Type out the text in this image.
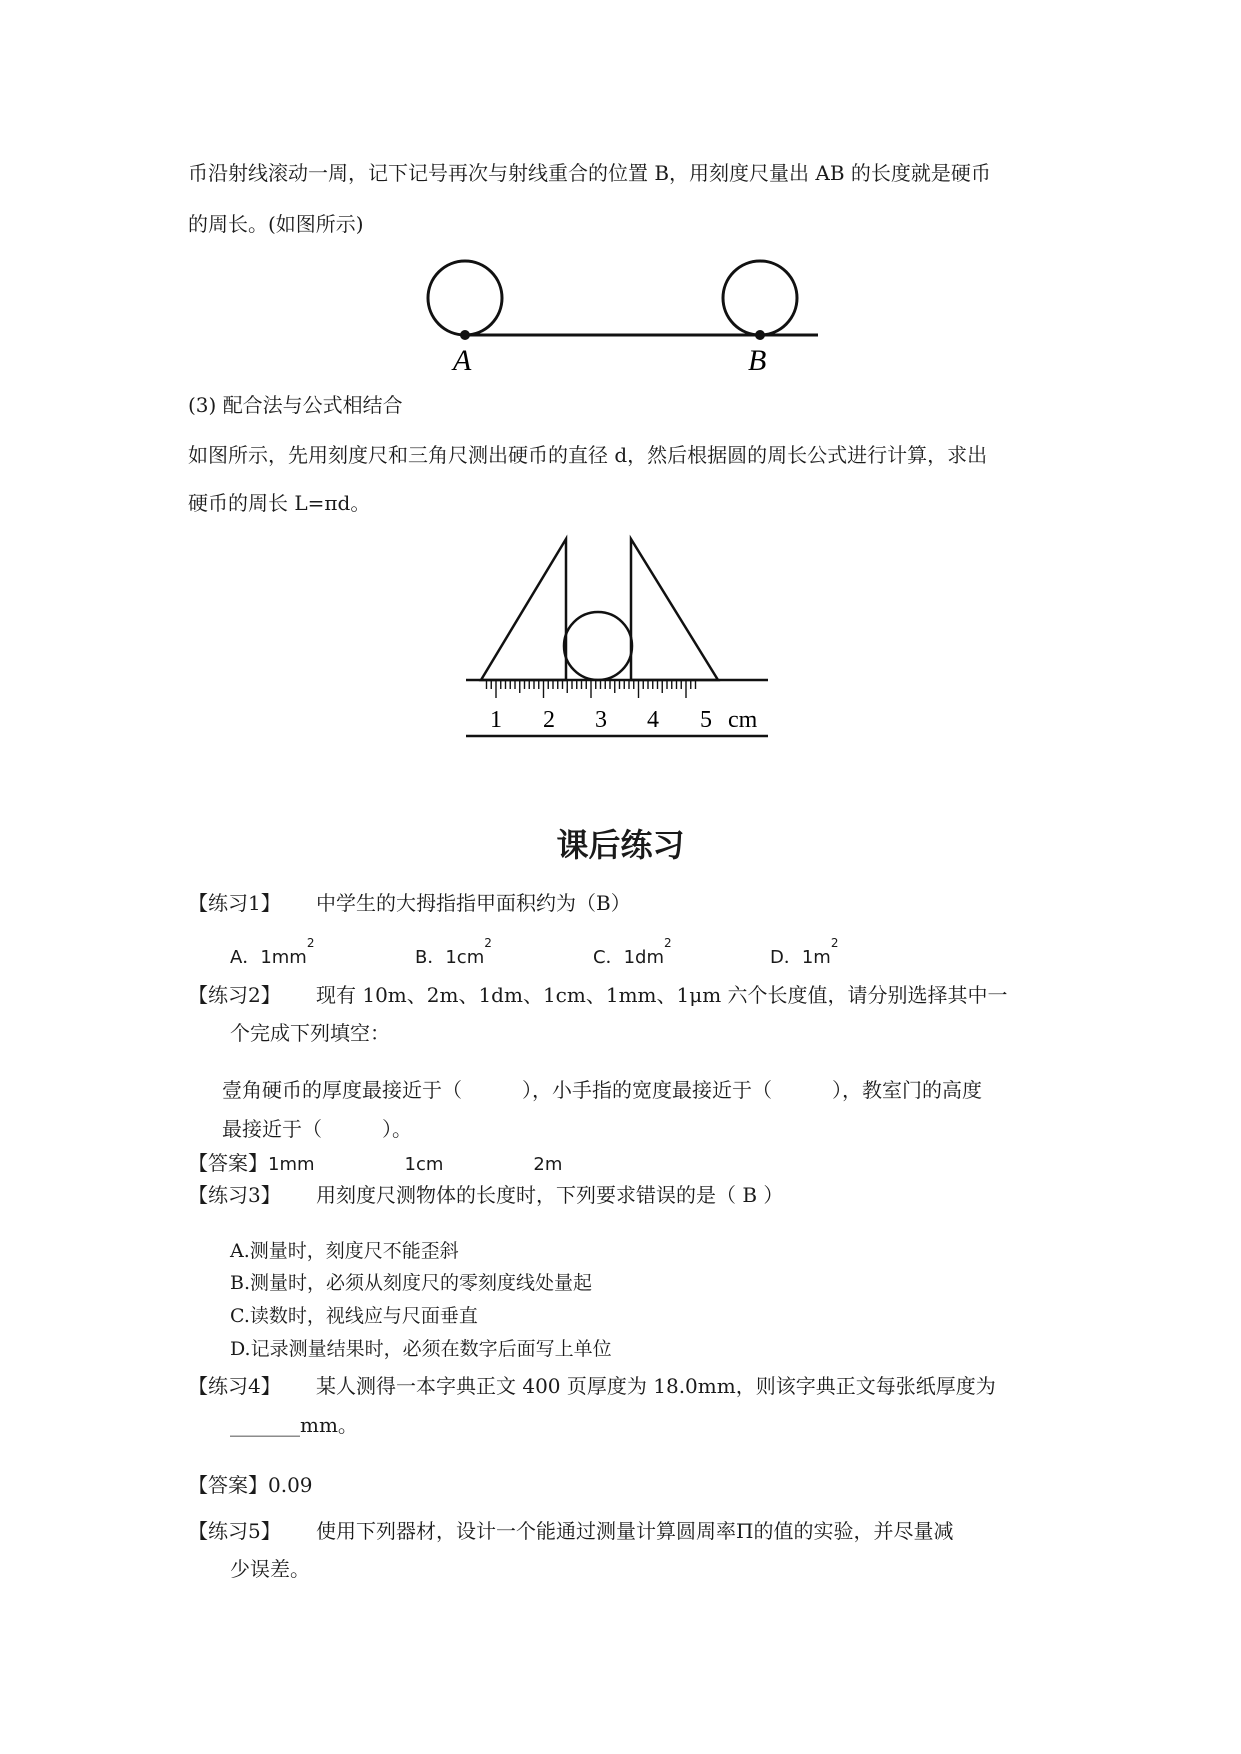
币沿射线滚动一周，记下记号再次与射线重合的位置 B，用刻度尺量出 AB 的长度就是硬币
的周长。(如图所示)
A	B
(3) 配合法与公式相结合
如图所示，先用刻度尺和三角尺测出硬币的直径 d，然后根据圆的周长公式进行计算，求出
硬币的周长 L=πd。
1 2 3 4 5 cm
课后练习
【练习1】 中学生的大拇指指甲面积约为（B）
A．$1mm^2$
B．$1cm^2$
C．$1dm^2$
D．$1m^2$
【练习2】 现有 10m、2m、1dm、1cm、1mm、1μm 六个长度值，请分别选择其中一
个完成下列填空：
壹角硬币的厚度最接近于（　　　），小手指的宽度最接近于（　　　），教室门的高度
最接近于（　　　）。
【答案】1mm	1cm	2m
【练习3】 用刻度尺测物体的长度时，下列要求错误的是（ B ）
A.测量时，刻度尺不能歪斜
B.测量时，必须从刻度尺的零刻度线处量起
C.读数时，视线应与尺面垂直
D.记录测量结果时，必须在数字后面写上单位
【练习4】 某人测得一本字典正文 400 页厚度为 18.0mm，则该字典正文每张纸厚度为
_______mm。
【答案】0.09
【练习5】 使用下列器材，设计一个能通过测量计算圆周率Π的值的实验，并尽量减
少误差。
